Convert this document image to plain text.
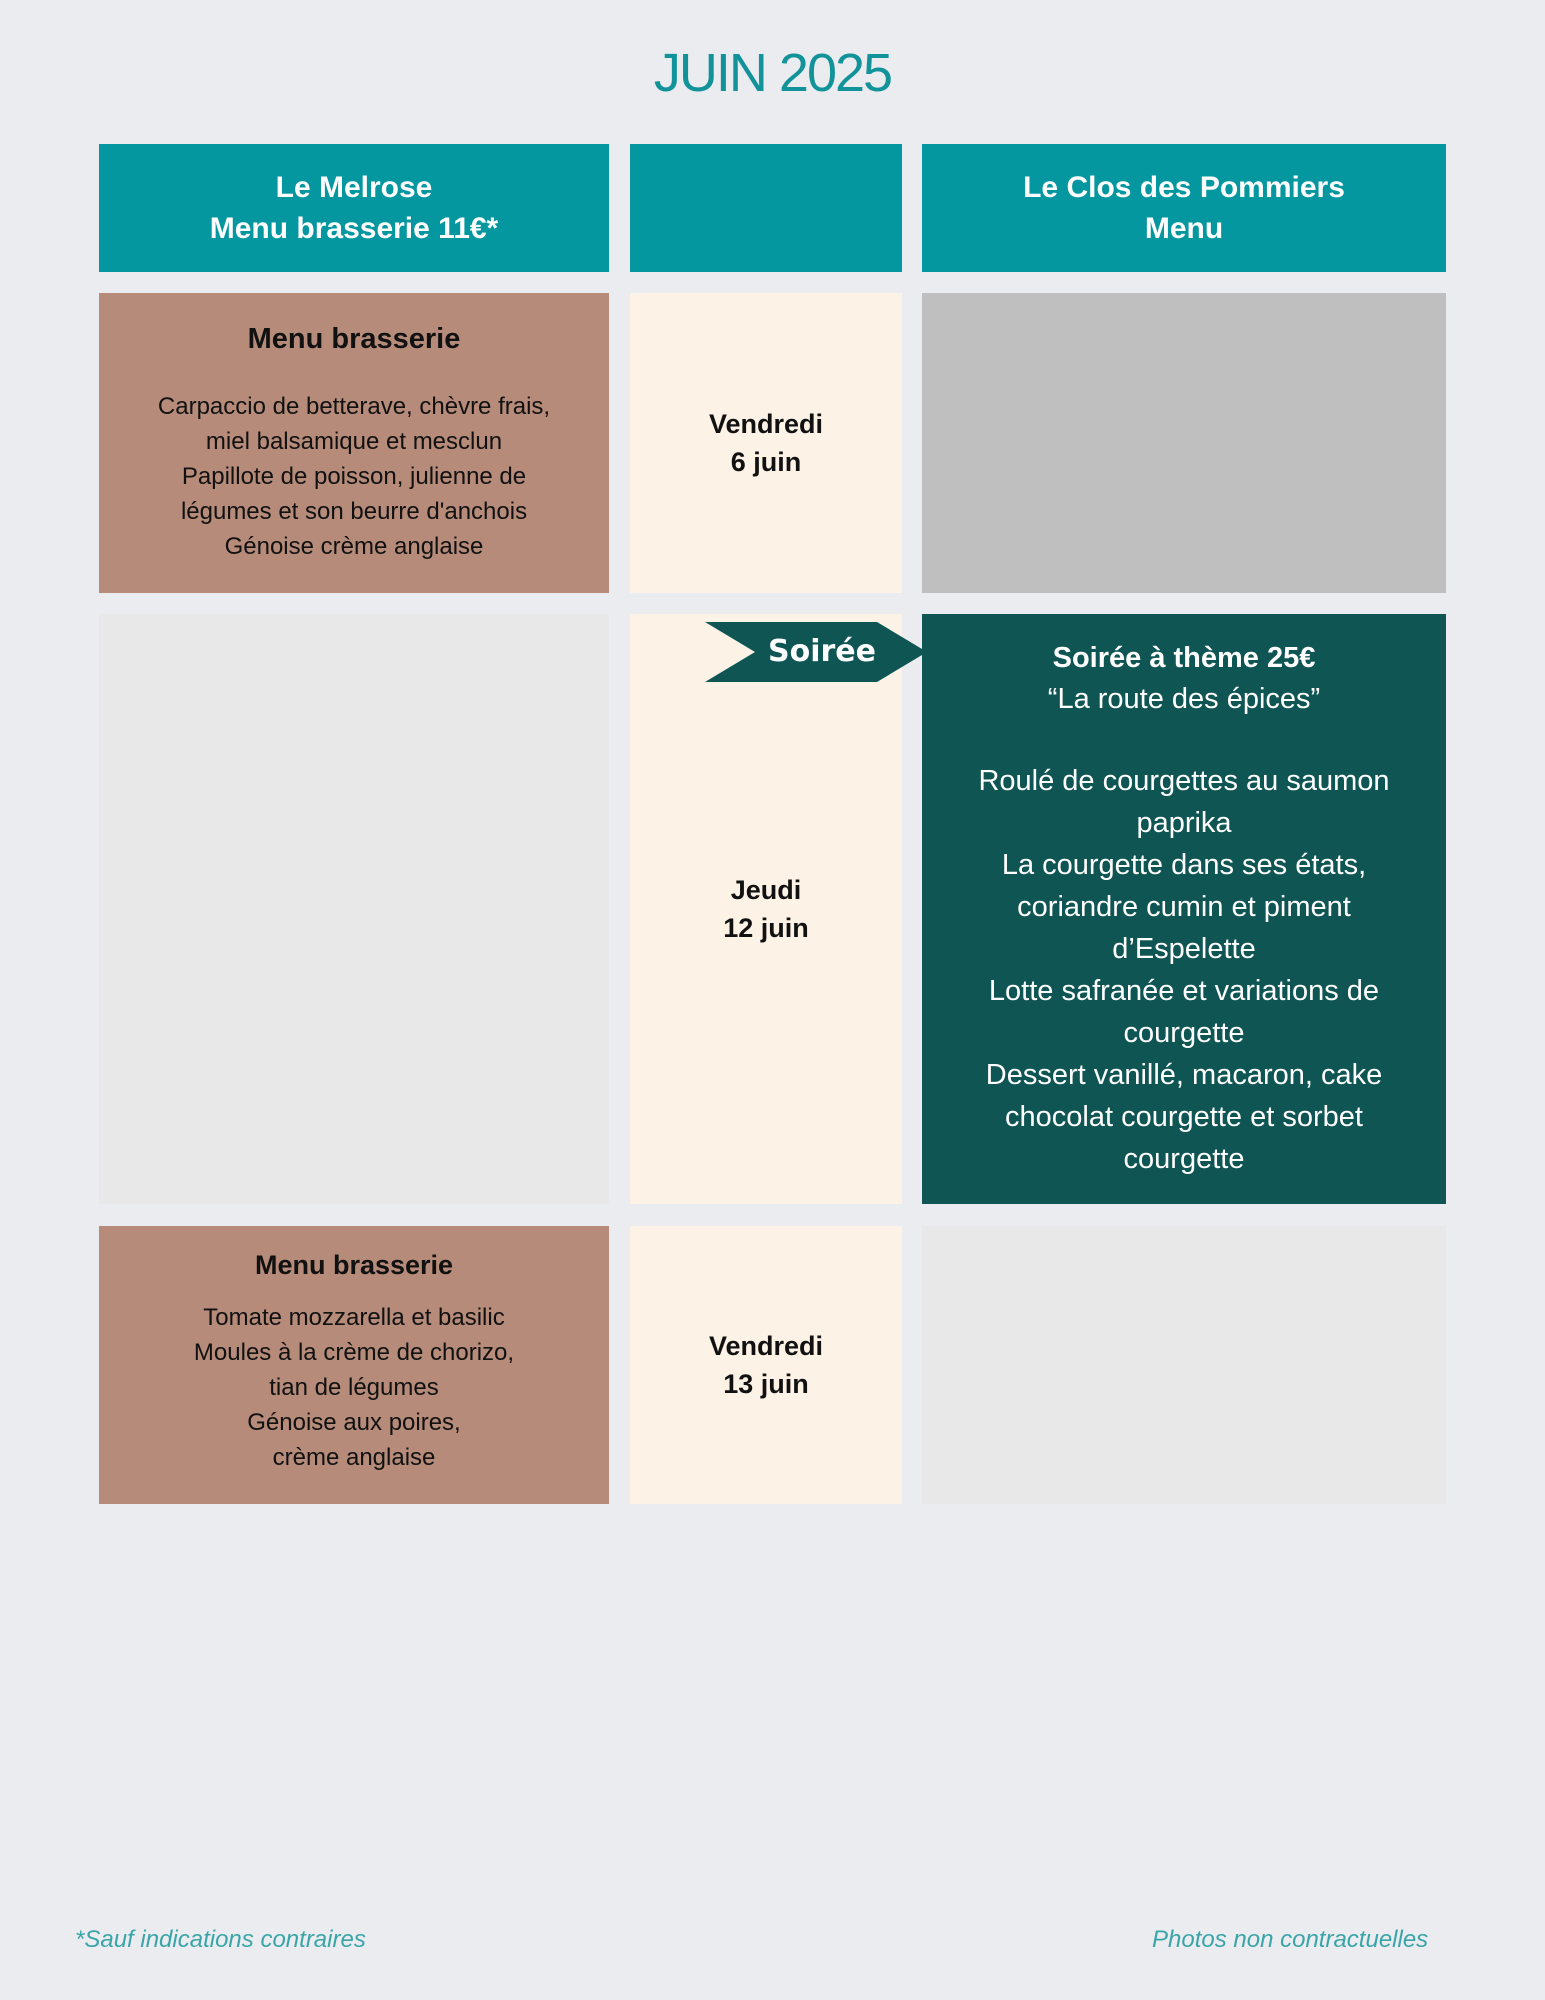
JUIN 2025
Le Melrose
Menu brasserie 11€*
Le Clos des Pommiers
Menu
Menu brasserie
Carpaccio de betterave, chèvre frais,
miel balsamique et mesclun
Papillote de poisson, julienne de
légumes et son beurre d'anchois
Génoise crème anglaise
Vendredi
6 juin
Jeudi
12 juin
Soirée à thème 25€
“La route des épices”
Roulé de courgettes au saumon
paprika
La courgette dans ses états,
coriandre cumin et piment
d’Espelette
Lotte safranée et variations de
courgette
Dessert vanillé, macaron, cake
chocolat courgette et sorbet
courgette
Soirée
Menu brasserie
Tomate mozzarella et basilic
Moules à la crème de chorizo,
tian de légumes
Génoise aux poires,
crème anglaise
Vendredi
13 juin
*Sauf indications contraires	Photos non contractuelles
